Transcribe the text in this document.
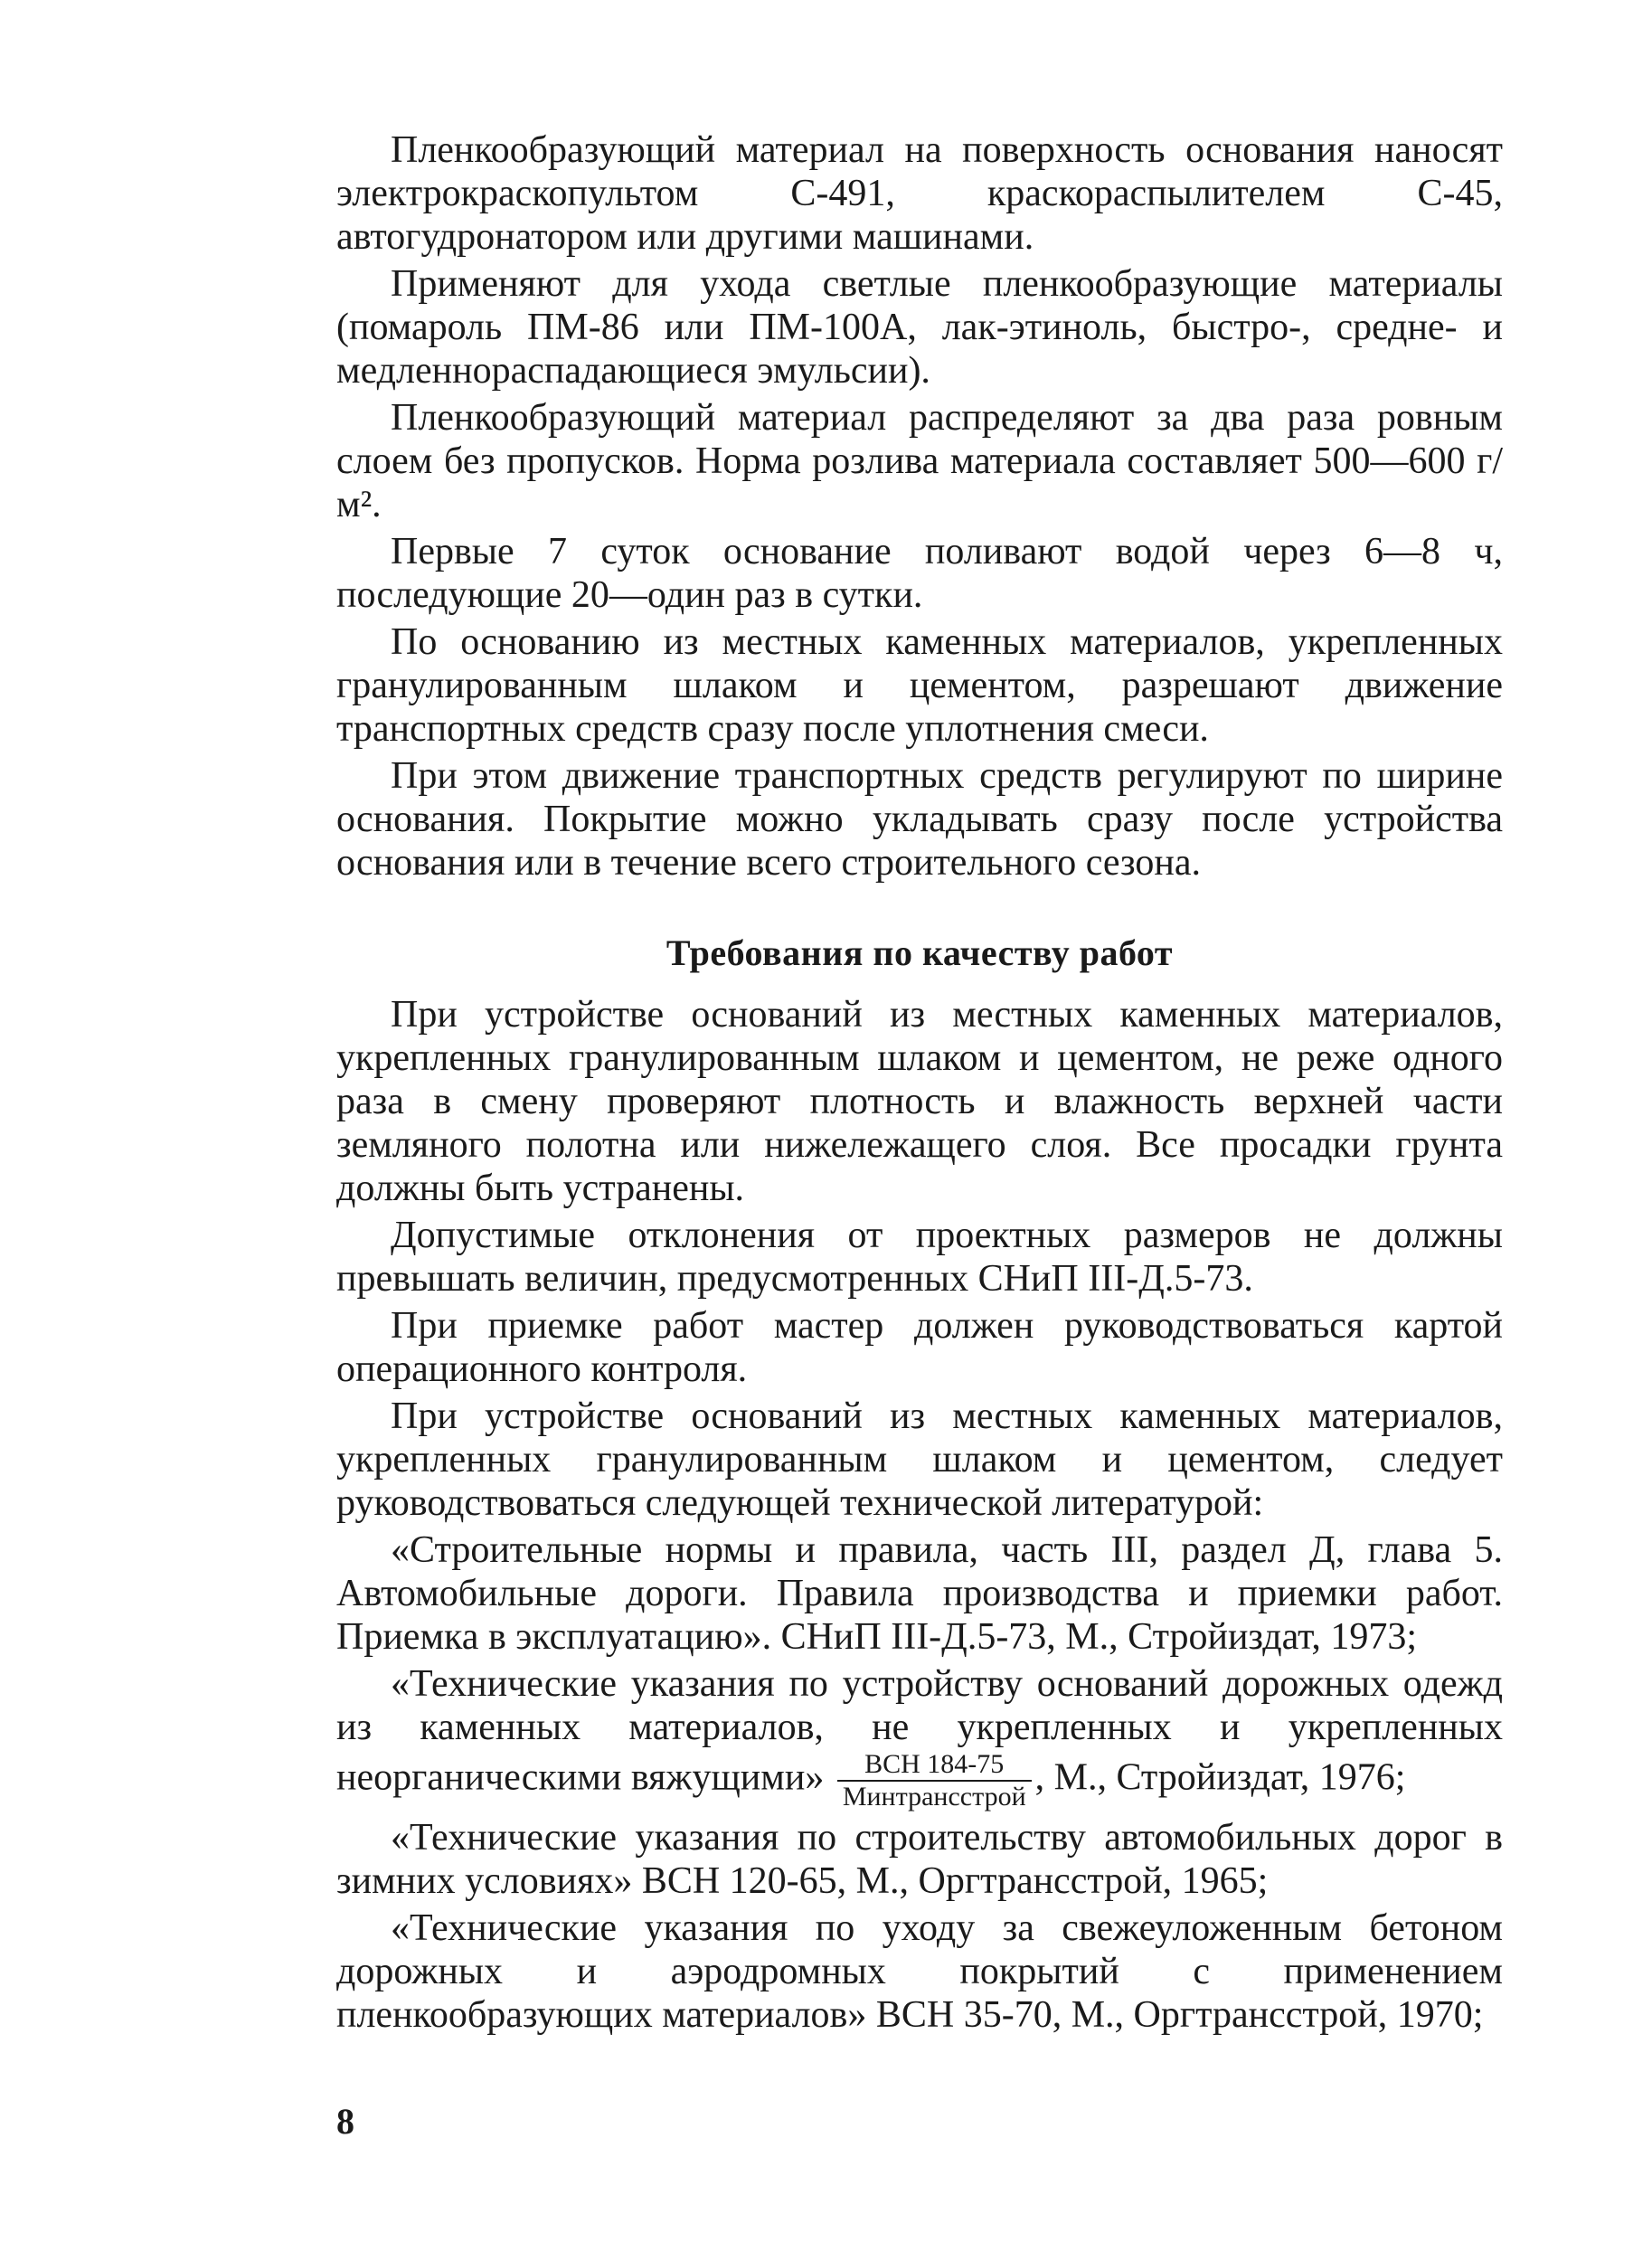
Пленкообразующий материал на поверхность основания наносят электрокраскопультом С-491, краскораспылителем С-45, автогудронатором или другими машинами.

Применяют для ухода светлые пленкообразующие материалы (помароль ПМ-86 или ПМ-100А, лак-этиноль, быстро-, средне- и медленнораспадающиеся эмульсии).

Пленкообразующий материал распределяют за два раза ровным слоем без пропусков. Норма розлива материала составляет 500—600 г/м².

Первые 7 суток основание поливают водой через 6—8 ч, последующие 20—один раз в сутки.

По основанию из местных каменных материалов, укрепленных гранулированным шлаком и цементом, разрешают движение транспортных средств сразу после уплотнения смеси.

При этом движение транспортных средств регулируют по ширине основания. Покрытие можно укладывать сразу после устройства основания или в течение всего строительного сезона.

Требования по качеству работ

При устройстве оснований из местных каменных материалов, укрепленных гранулированным шлаком и цементом, не реже одного раза в смену проверяют плотность и влажность верхней части земляного полотна или нижележащего слоя. Все просадки грунта должны быть устранены.

Допустимые отклонения от проектных размеров не должны превышать величин, предусмотренных СНиП III-Д.5-73.

При приемке работ мастер должен руководствоваться картой операционного контроля.

При устройстве оснований из местных каменных материалов, укрепленных гранулированным шлаком и цементом, следует руководствоваться следующей технической литературой:

«Строительные нормы и правила, часть III, раздел Д, глава 5. Автомобильные дороги. Правила производства и приемки работ. Приемка в эксплуатацию». СНиП III-Д.5-73, М., Стройиздат, 1973;

«Технические указания по устройству оснований дорожных одежд из каменных материалов, не укрепленных и укрепленных неорганическими вяжущими» $\frac{\text{ВСН 184-75}}{\text{Минтрансстрой}}$ , М., Стройиздат, 1976;

«Технические указания по строительству автомобильных дорог в зимних условиях» ВСН 120-65, М., Оргтрансстрой, 1965;

«Технические указания по уходу за свежеуложенным бетоном дорожных и аэродромных покрытий с применением пленкообразующих материалов» ВСН 35-70, М., Оргтрансстрой, 1970;

8
